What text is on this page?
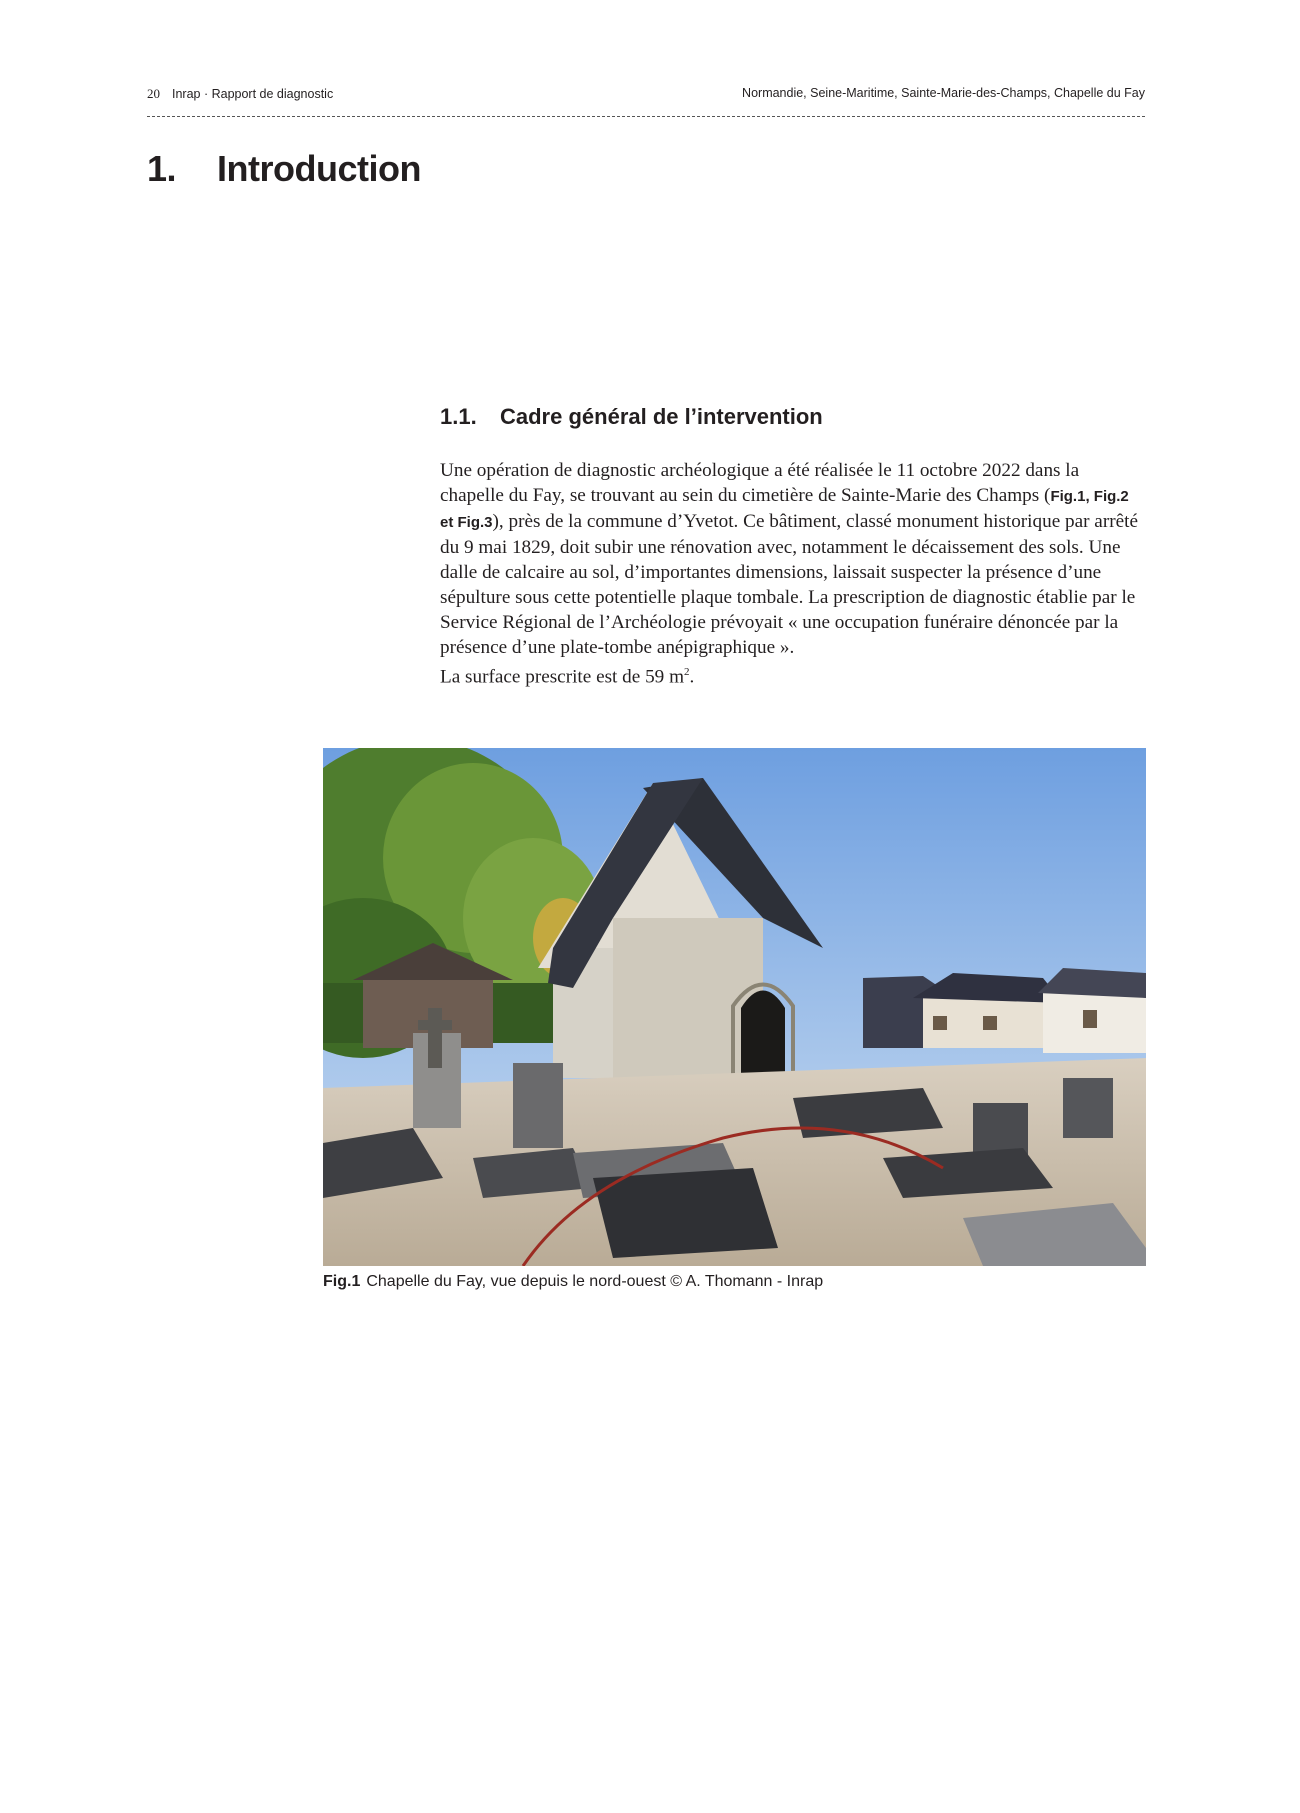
20 Inrap · Rapport de diagnostic	Normandie, Seine-Maritime, Sainte-Marie-des-Champs, Chapelle du Fay
1. Introduction
1.1. Cadre général de l’intervention

Une opération de diagnostic archéologique a été réalisée le 11 octobre 2022 dans la chapelle du Fay, se trouvant au sein du cimetière de Sainte-Marie des Champs (Fig.1, Fig.2 et Fig.3), près de la commune d’Yvetot. Ce bâtiment, classé monument historique par arrêté du 9 mai 1829, doit subir une rénovation avec, notamment le décaissement des sols. Une dalle de calcaire au sol, d’importantes dimensions, laissait suspecter la présence d’une sépulture sous cette potentielle plaque tombale. La prescription de diagnostic établie par le Service Régional de l’Archéologie prévoyait « une occupation funéraire dénoncée par la présence d’une plate-tombe anépigraphique ».

La surface prescrite est de 59 $m^2$.

Fig.1 Chapelle du Fay, vue depuis le nord-ouest © A. Thomann - Inrap
